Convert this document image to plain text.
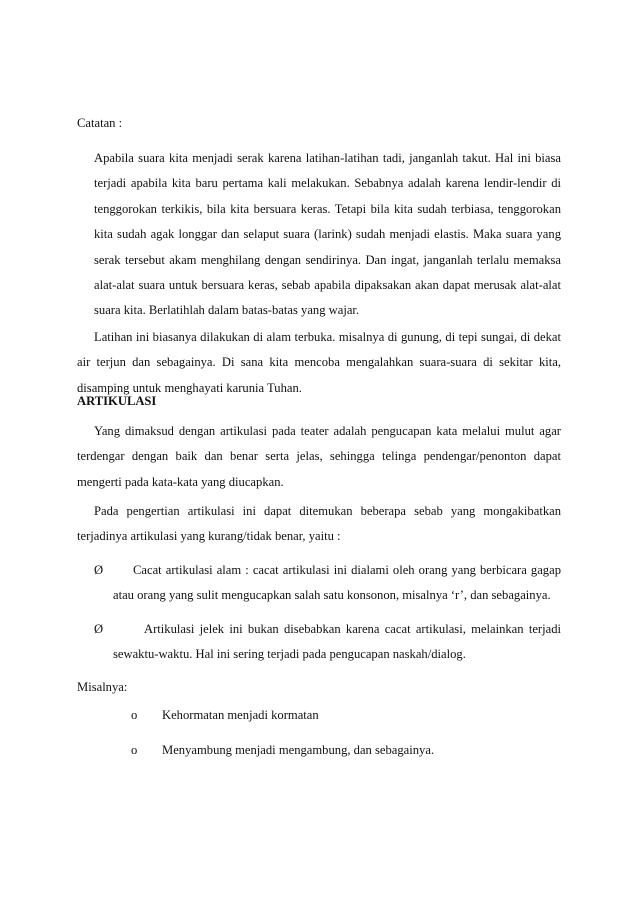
Catatan :

Apabila suara kita menjadi serak karena latihan-latihan tadi, janganlah takut. Hal ini biasa terjadi apabila kita baru pertama kali melakukan. Sebabnya adalah karena lendir-lendir di tenggorokan terkikis, bila kita bersuara keras. Tetapi bila kita sudah terbiasa, tenggorokan kita sudah agak longgar dan selaput suara (larink) sudah menjadi elastis. Maka suara yang serak tersebut akam menghilang dengan sendirinya. Dan ingat, janganlah terlalu memaksa alat-alat suara untuk bersuara keras, sebab apabila dipaksakan akan dapat merusak alat-alat suara kita. Berlatihlah dalam batas-batas yang wajar.

Latihan ini biasanya dilakukan di alam terbuka. misalnya di gunung, di tepi sungai, di dekat air terjun dan sebagainya. Di sana kita mencoba mengalahkan suara-suara di sekitar kita, disamping untuk menghayati karunia Tuhan.

ARTIKULASI

Yang dimaksud dengan artikulasi pada teater adalah pengucapan kata melalui mulut agar terdengar dengan baik dan benar serta jelas, sehingga telinga pendengar/penonton dapat mengerti pada kata-kata yang diucapkan.

Pada pengertian artikulasi ini dapat ditemukan beberapa sebab yang mongakibatkan terjadinya artikulasi yang kurang/tidak benar, yaitu :

Ø	Cacat artikulasi alam : cacat artikulasi ini dialami oleh orang yang berbicara gagap atau orang yang sulit mengucapkan salah satu konsonon, misalnya ‘r’, dan sebagainya.

Ø	Artikulasi jelek ini bukan disebabkan karena cacat artikulasi, melainkan terjadi sewaktu-waktu. Hal ini sering terjadi pada pengucapan naskah/dialog.

Misalnya:

o Kehormatan menjadi kormatan

o Menyambung menjadi mengambung, dan sebagainya.
